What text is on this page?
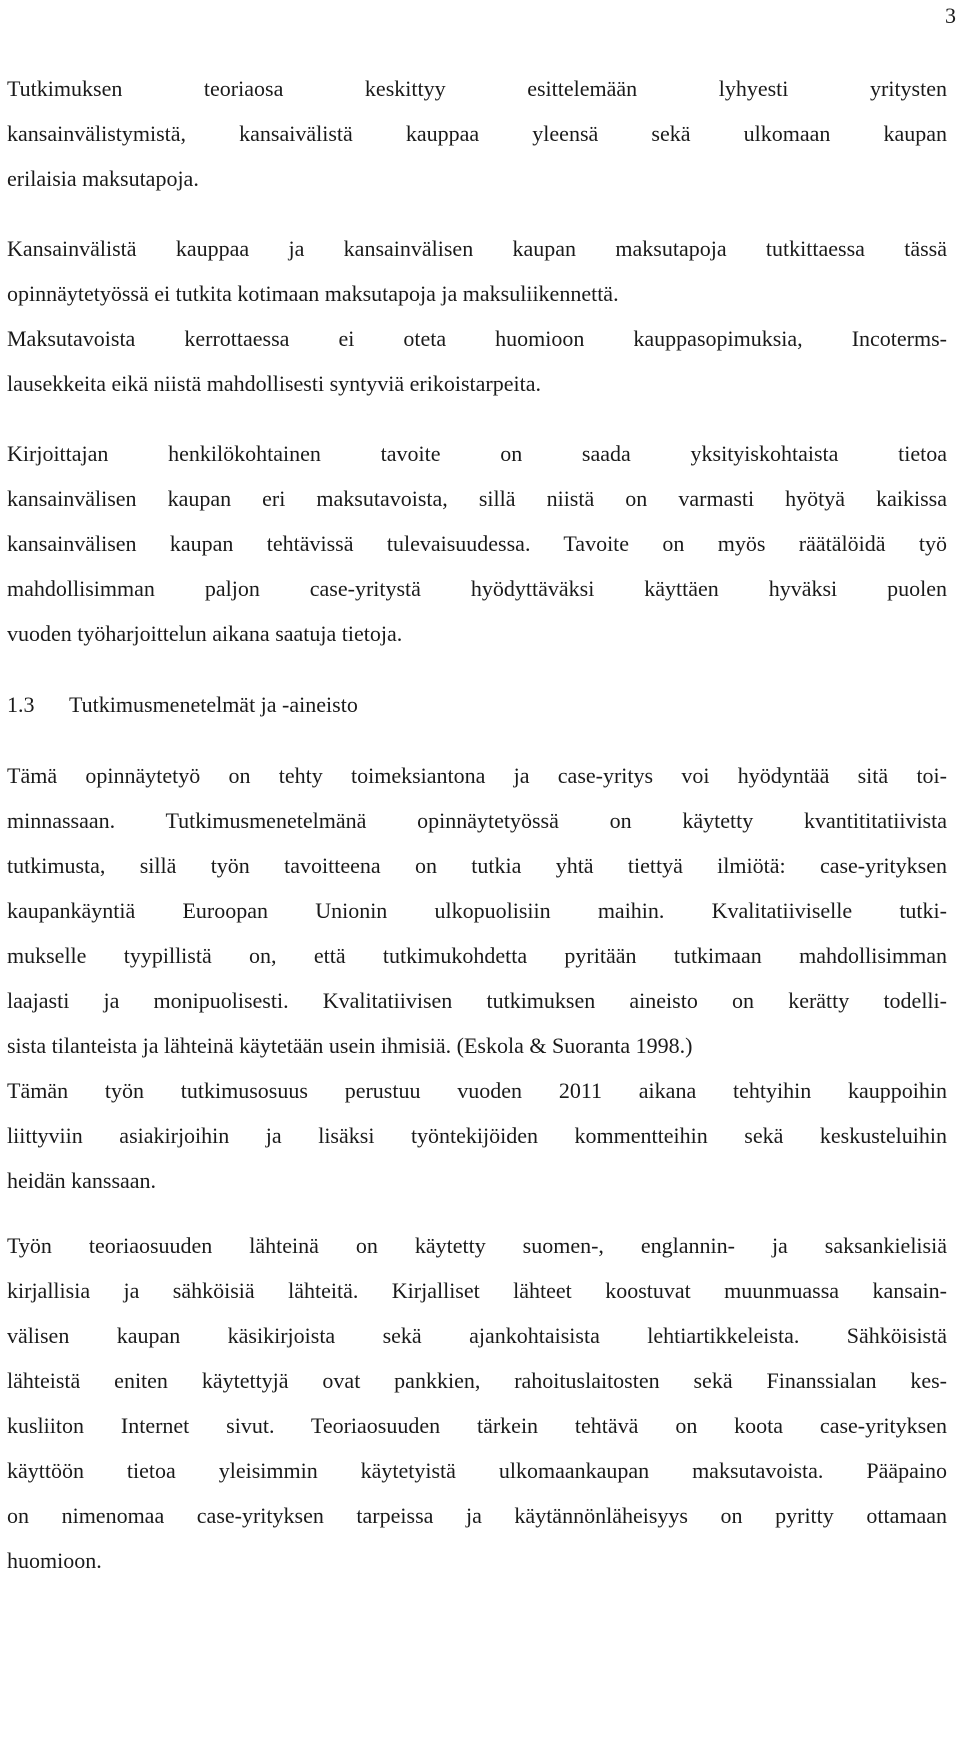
3
Tutkimuksen teoriaosa keskittyy esittelemään lyhyesti yritysten
kansainvälistymistä, kansaivälistä kauppaa yleensä sekä ulkomaan kaupan
erilaisia maksutapoja.
Kansainvälistä kauppaa ja kansainvälisen kaupan maksutapoja tutkittaessa tässä
opinnäytetyössä ei tutkita kotimaan maksutapoja ja maksuliikennettä.
Maksutavoista kerrottaessa ei oteta huomioon kauppasopimuksia, Incoterms-
lausekkeita eikä niistä mahdollisesti syntyviä erikoistarpeita.
Kirjoittajan henkilökohtainen tavoite on saada yksityiskohtaista tietoa
kansainvälisen kaupan eri maksutavoista, sillä niistä on varmasti hyötyä kaikissa
kansainvälisen kaupan tehtävissä tulevaisuudessa. Tavoite on myös räätälöidä työ
mahdollisimman paljon case-yritystä hyödyttäväksi käyttäen hyväksi puolen
vuoden työharjoittelun aikana saatuja tietoja.
1.3 Tutkimusmenetelmät ja -aineisto
Tämä opinnäytetyö on tehty toimeksiantona ja case-yritys voi hyödyntää sitä toi-
minnassaan. Tutkimusmenetelmänä opinnäytetyössä on käytetty kvantititatiivista
tutkimusta, sillä työn tavoitteena on tutkia yhtä tiettyä ilmiötä: case-yrityksen
kaupankäyntiä Euroopan Unionin ulkopuolisiin maihin. Kvalitatiiviselle tutki-
mukselle tyypillistä on, että tutkimukohdetta pyritään tutkimaan mahdollisimman
laajasti ja monipuolisesti. Kvalitatiivisen tutkimuksen aineisto on kerätty todelli-
sista tilanteista ja lähteinä käytetään usein ihmisiä. (Eskola & Suoranta 1998.)
Tämän työn tutkimusosuus perustuu vuoden 2011 aikana tehtyihin kauppoihin
liittyviin asiakirjoihin ja lisäksi työntekijöiden kommentteihin sekä keskusteluihin
heidän kanssaan.
Työn teoriaosuuden lähteinä on käytetty suomen-, englannin- ja saksankielisiä
kirjallisia ja sähköisiä lähteitä. Kirjalliset lähteet koostuvat muunmuassa kansain-
välisen kaupan käsikirjoista sekä ajankohtaisista lehtiartikkeleista. Sähköisistä
lähteistä eniten käytettyjä ovat pankkien, rahoituslaitosten sekä Finanssialan kes-
kusliiton Internet sivut. Teoriaosuuden tärkein tehtävä on koota case-yrityksen
käyttöön tietoa yleisimmin käytetyistä ulkomaankaupan maksutavoista. Pääpaino
on nimenomaa case-yrityksen tarpeissa ja käytännönläheisyys on pyritty ottamaan
huomioon.
